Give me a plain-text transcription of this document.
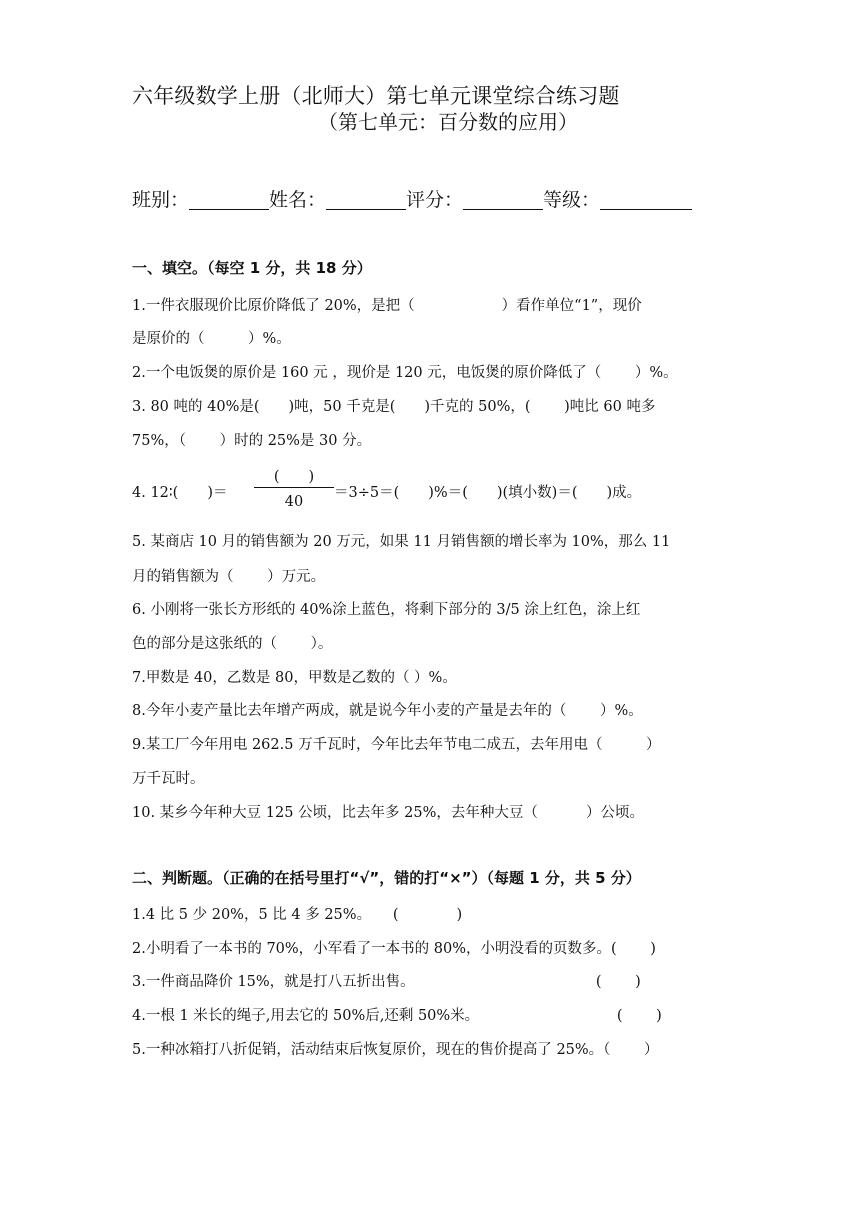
六年级数学上册（北师大）第七单元课堂综合练习题
（第七单元：百分数的应用）
班别：	姓名：	评分：	等级：
一、填空。（每空 1 分，共 18 分）
1.一件衣服现价比原价降低了 20%，是把（　　　　　　）看作单位“1”，现价
是原价的（　　　）%。
2.一个电饭煲的原价是 160 元 ，现价是 120 元，电饭煲的原价降低了（　　 ）%。
3. 80 吨的 40%是(　　)吨，50 千克是(　　)千克的 50%，(　　 )吨比 60 吨多
75%，（　　 ）时的 25%是 30 分。
4. 12∶(　　)＝
(　　)
40
＝3÷5＝(　　)%＝(　　)(填小数)＝(　　)成。
5. 某商店 10 月的销售额为 20 万元，如果 11 月销售额的增长率为 10%，那么 11
月的销售额为（　　 ）万元。
6. 小刚将一张长方形纸的 40%涂上蓝色，将剩下部分的 3/5 涂上红色，涂上红
色的部分是这张纸的（　　 ）。
7.甲数是 40，乙数是 80，甲数是乙数的（ ）%。
8.今年小麦产量比去年增产两成，就是说今年小麦的产量是去年的（　　 ）%。
9.某工厂今年用电 262.5 万千瓦时，今年比去年节电二成五，去年用电（　　　）
万千瓦时。
10. 某乡今年种大豆 125 公顷，比去年多 25%，去年种大豆（　　　 ）公顷。
二、判断题。（正确的在括号里打“√”，错的打“×”）（每题 1 分，共 5 分）
1.4 比 5 少 20%，5 比 4 多 25%。　　(　　　　)
2.小明看了一本书的 70%，小军看了一本书的 80%，小明没看的页数多。(　　 )
3.一件商品降价 15%，就是打八五折出售。　　　　　　　　　　　　　(　　 )
4.一根 1 米长的绳子,用去它的 50%后,还剩 50%米。　　　　　　　　　　(　　 )
5.一种冰箱打八折促销，活动结束后恢复原价，现在的售价提高了 25%。（　　 ）
